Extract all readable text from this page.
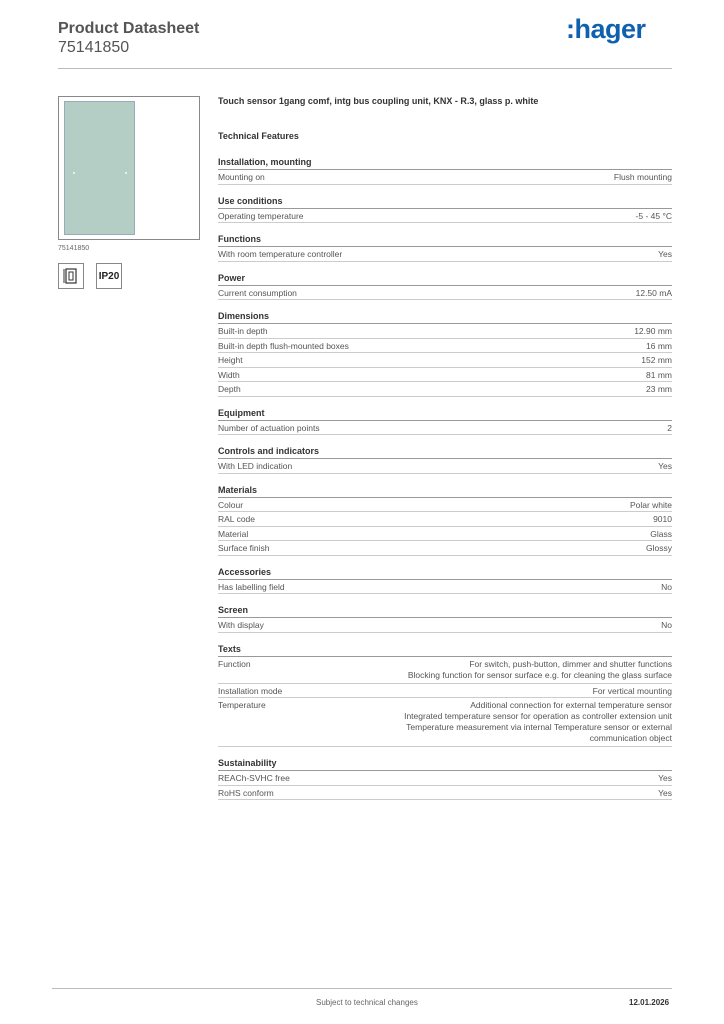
Product Datasheet
75141850
:hager
75141850
IP20
Touch sensor 1gang comf, intg bus coupling unit, KNX - R.3, glass p. white
Technical Features
Installation, mounting
Mounting on	Flush mounting
Use conditions
Operating temperature	-5 - 45 °C
Functions
With room temperature controller	Yes
Power
Current consumption	12.50 mA
Dimensions
Built-in depth	12.90 mm
Built-in depth flush-mounted boxes	16 mm
Height	152 mm
Width	81 mm
Depth	23 mm
Equipment
Number of actuation points	2
Controls and indicators
With LED indication	Yes
Materials
Colour	Polar white
RAL code	9010
Material	Glass
Surface finish	Glossy
Accessories
Has labelling field	No
Screen
With display	No
Texts
Function	For switch, push-button, dimmer and shutter functions
Blocking function for sensor surface e.g. for cleaning the glass surface
Installation mode	For vertical mounting
Temperature	Additional connection for external temperature sensor
Integrated temperature sensor for operation as controller extension unit
Temperature measurement via internal Temperature sensor or external communication object
Sustainability
REACh-SVHC free	Yes
RoHS conform	Yes
Subject to technical changes	12.01.2026
